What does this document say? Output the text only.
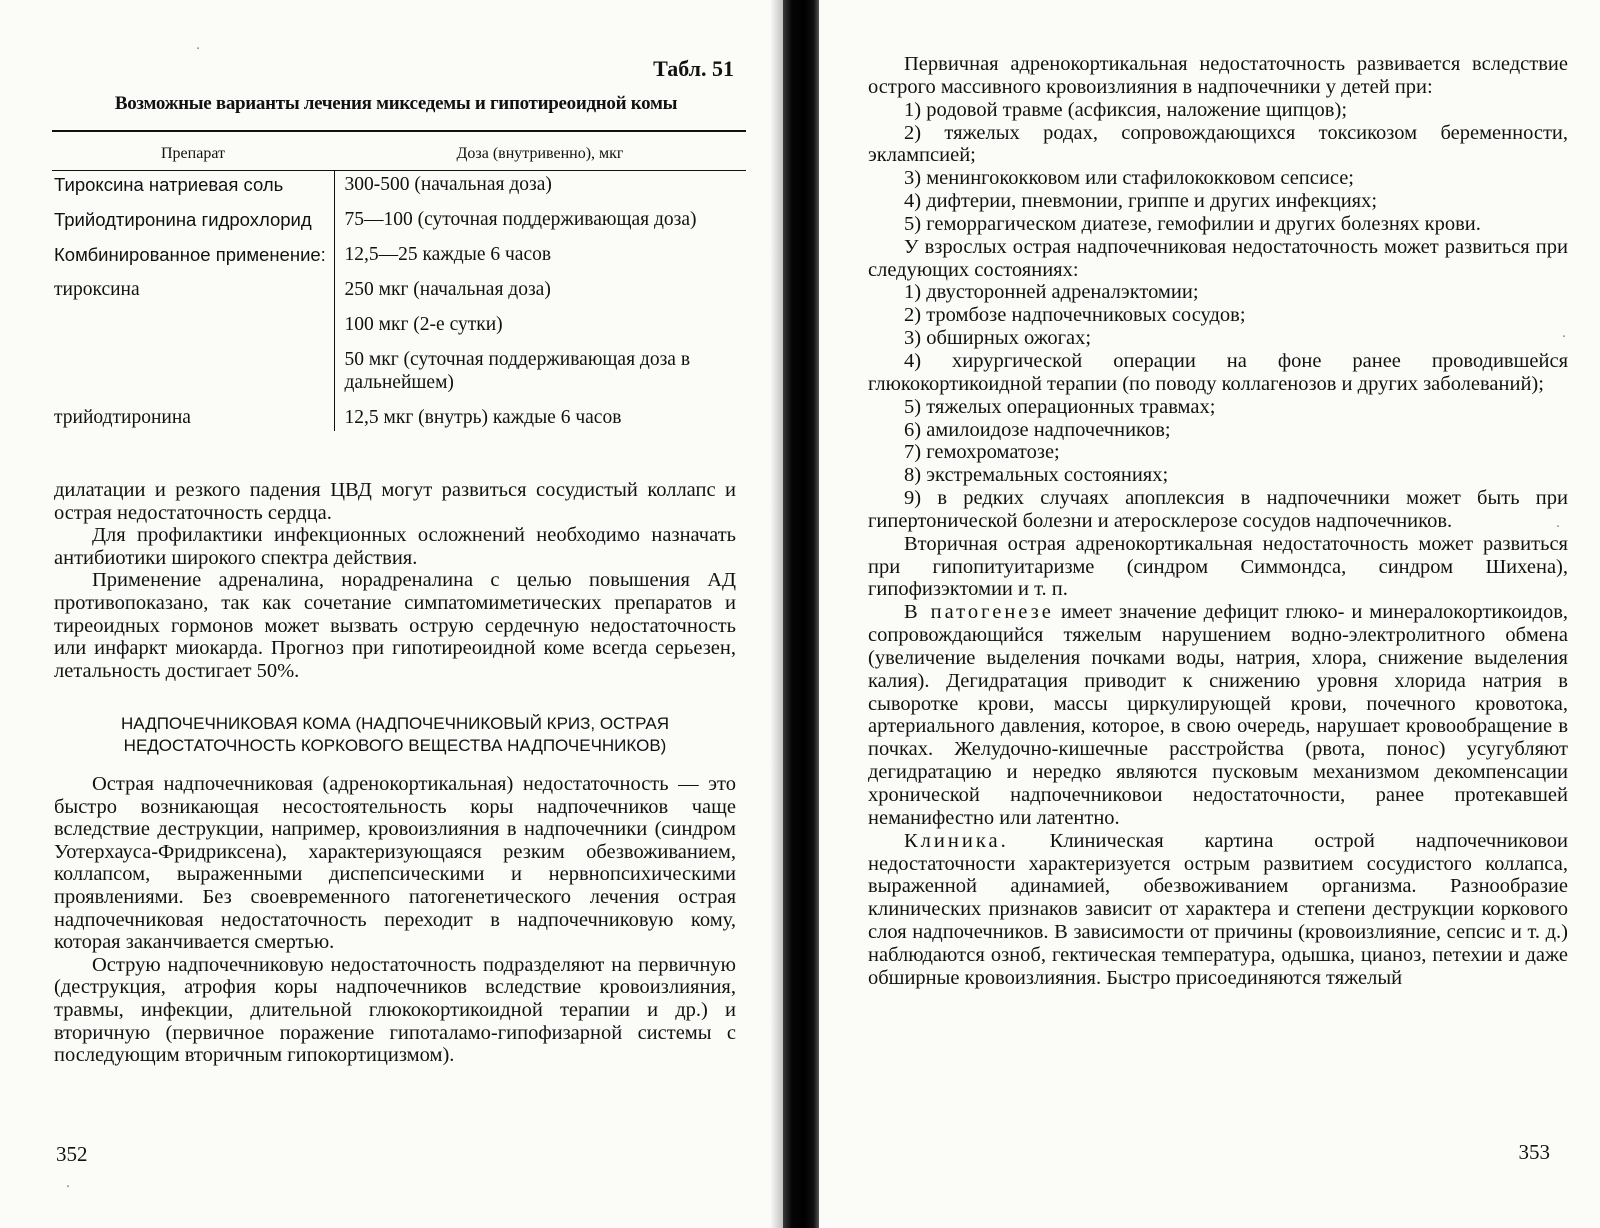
Табл. 51
Возможные варианты лечения микседемы и гипотиреоидной комы
Препарат	Доза (внутривенно), мкг
Тироксина натриевая соль	300-500 (начальная доза)
Трийодтиронина гидрохлорид	75—100 (суточная поддерживающая доза)
Комбинированное применение:	12,5—25 каждые 6 часов
тироксина	250 мкг (начальная доза)
	100 мкг (2-е сутки)
	50 мкг (суточная поддерживающая доза в дальнейшем)
трийодтиронина	12,5 мкг (внутрь) каждые 6 часов

дилатации и резкого падения ЦВД могут развиться сосудистый коллапс и острая недостаточность сердца.

Для профилактики инфекционных осложнений необходимо назначать антибиотики широкого спектра действия.

Применение адреналина, норадреналина с целью повышения АД противопоказано, так как сочетание симпатомиметических препаратов и тиреоидных гормонов может вызвать острую сердечную недостаточность или инфаркт миокарда. Прогноз при гипотиреоидной коме всегда серьезен, летальность достигает 50%.

НАДПОЧЕЧНИКОВАЯ КОМА (НАДПОЧЕЧНИКОВЫЙ КРИЗ, ОСТРАЯ НЕДОСТАТОЧНОСТЬ КОРКОВОГО ВЕЩЕСТВА НАДПОЧЕЧНИКОВ)

Острая надпочечниковая (адренокортикальная) недостаточность — это быстро возникающая несостоятельность коры надпочечников чаще вследствие деструкции, например, кровоизлияния в надпочечники (синдром Уотерхауса-Фридриксена), характеризующаяся резким обезвоживанием, коллапсом, выраженными диспепсическими и нервнопсихическими проявлениями. Без своевременного патогенетического лечения острая надпочечниковая недостаточность переходит в надпочечниковую кому, которая заканчивается смертью.

Острую надпочечниковую недостаточность подразделяют на первичную (деструкция, атрофия коры надпочечников вследствие кровоизлияния, травмы, инфекции, длительной глюкокортикоидной терапии и др.) и вторичную (первичное поражение гипоталамо-гипофизарной системы с последующим вторичным гипокортицизмом).

352
·
·

Первичная адренокортикальная недостаточность развивается вследствие острого массивного кровоизлияния в надпочечники у детей при:

1) родовой травме (асфиксия, наложение щипцов);

2) тяжелых родах, сопровождающихся токсикозом беременности, эклампсией;

3) менингококковом или стафилококковом сепсисе;

4) дифтерии, пневмонии, гриппе и других инфекциях;

5) геморрагическом диатезе, гемофилии и других болезнях крови.

У взрослых острая надпочечниковая недостаточность может развиться при следующих состояниях:

1) двусторонней адреналэктомии;

2) тромбозе надпочечниковых сосудов;

3) обширных ожогах;

4) хирургической операции на фоне ранее проводившейся глюкокортикоидной терапии (по поводу коллагенозов и других заболеваний);

5) тяжелых операционных травмах;

6) амилоидозе надпочечников;

7) гемохроматозе;

8) экстремальных состояниях;

9) в редких случаях апоплексия в надпочечники может быть при гипертонической болезни и атеросклерозе сосудов надпочечников.

Вторичная острая адренокортикальная недостаточность может развиться при гипопитуитаризме (синдром Симмондса, синдром Шихена), гипофизэктомии и т. п.

В патогенезе имеет значение дефицит глюко- и минералокортикоидов, сопровождающийся тяжелым нарушением водно-электролитного обмена (увеличение выделения почками воды, натрия, хлора, снижение выделения калия). Дегидратация приводит к снижению уровня хлорида натрия в сыворотке крови, массы циркулирующей крови, почечного кровотока, артериального давления, которое, в свою очередь, нарушает кровообращение в почках. Желудочно-кишечные расстройства (рвота, понос) усугубляют дегидратацию и нередко являются пусковым механизмом декомпенсации хронической надпочечниковои недостаточности, ранее протекавшей неманифестно или латентно.

Клиника. Клиническая картина острой надпочечниковои недостаточности характеризуется острым развитием сосудистого коллапса, выраженной адинамией, обезвоживанием организма. Разнообразие клинических признаков зависит от характера и степени деструкции коркового слоя надпочечников. В зависимости от причины (кровоизлияние, сепсис и т. д.) наблюдаются озноб, гектическая температура, одышка, цианоз, петехии и даже обширные кровоизлияния. Быстро присоединяются тяжелый

353
·
·
